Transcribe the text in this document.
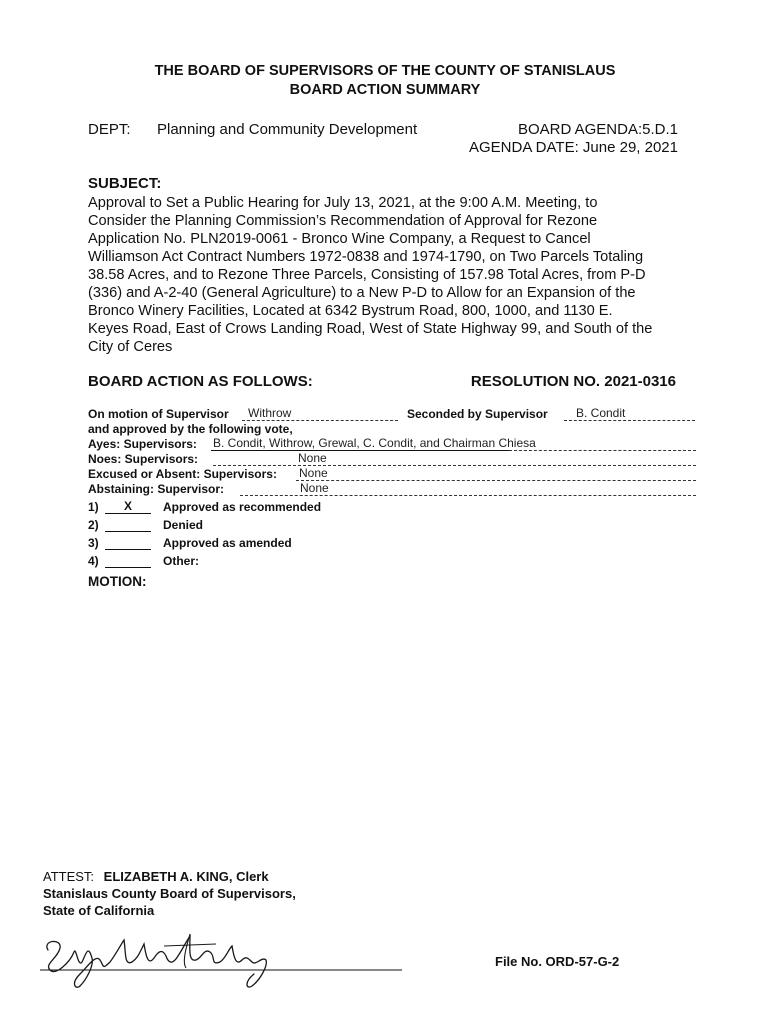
THE BOARD OF SUPERVISORS OF THE COUNTY OF STANISLAUS
BOARD ACTION SUMMARY
DEPT: Planning and Community Development	BOARD AGENDA:5.D.1
AGENDA DATE: June 29, 2021
SUBJECT:
Approval to Set a Public Hearing for July 13, 2021, at the 9:00 A.M. Meeting, to
Consider the Planning Commission’s Recommendation of Approval for Rezone
Application No. PLN2019-0061 - Bronco Wine Company, a Request to Cancel
Williamson Act Contract Numbers 1972-0838 and 1974-1790, on Two Parcels Totaling
38.58 Acres, and to Rezone Three Parcels, Consisting of 157.98 Total Acres, from P-D
(336) and A-2-40 (General Agriculture) to a New P-D to Allow for an Expansion of the
Bronco Winery Facilities, Located at 6342 Bystrum Road, 800, 1000, and 1130 E.
Keyes Road, East of Crows Landing Road, West of State Highway 99, and South of the
City of Ceres
BOARD ACTION AS FOLLOWS:	RESOLUTION NO. 2021-0316
On motion of Supervisor	Withrow	Seconded by Supervisor	B. Condit
and approved by the following vote,
Ayes: Supervisors: B. Condit, Withrow, Grewal, C. Condit, and Chairman Chiesa
Noes: Supervisors:	None
Excused or Absent: Supervisors: None
Abstaining: Supervisor:	None
1)	X	Approved as recommended
2)	Denied
3)	Approved as amended
4)	Other:
MOTION:
ATTEST: ELIZABETH A. KING, Clerk
Stanislaus County Board of Supervisors,
State of California
File No. ORD-57-G-2
